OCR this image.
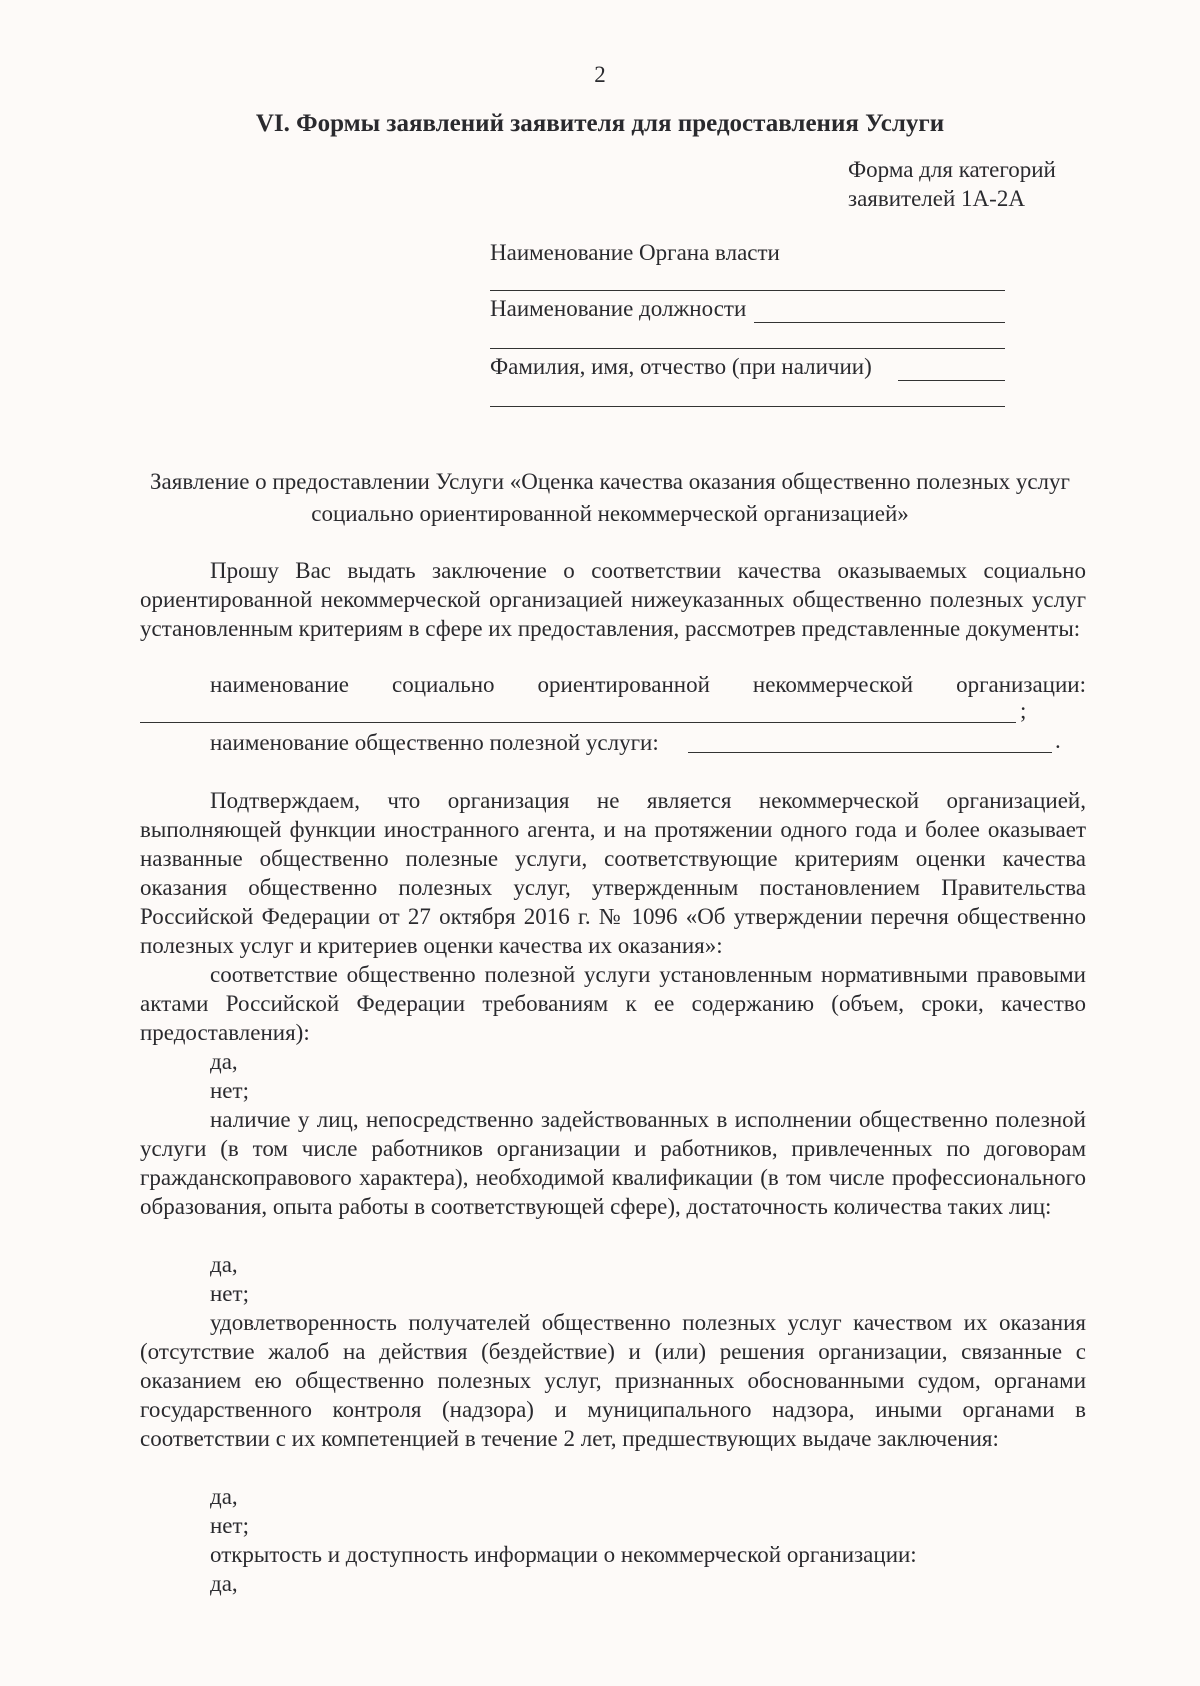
2
VI. Формы заявлений заявителя для предоставления Услуги
Форма для категорий
заявителей 1А-2А
Наименование Органа власти
Наименование должности
Фамилия, имя, отчество (при наличии)
Заявление о предоставлении Услуги «Оценка качества оказания общественно полезных услуг социально ориентированной некоммерческой организацией»
Прошу Вас выдать заключение о соответствии качества оказываемых социально ориентированной некоммерческой организацией нижеуказанных общественно полезных услуг установленным критериям в сфере их предоставления, рассмотрев представленные документы:
наименование социально ориентированной некоммерческой организации:
;
наименование общественно полезной услуги:	.
Подтверждаем, что организация не является некоммерческой организацией, выполняющей функции иностранного агента, и на протяжении одного года и более оказывает названные общественно полезные услуги, соответствующие критериям оценки качества оказания общественно полезных услуг, утвержденным постановлением Правительства Российской Федерации от 27 октября 2016 г. № 1096 «Об утверждении перечня общественно полезных услуг и критериев оценки качества их оказания»:
соответствие общественно полезной услуги установленным нормативными правовыми актами Российской Федерации требованиям к ее содержанию (объем, сроки, качество предоставления):
да,
нет;
наличие у лиц, непосредственно задействованных в исполнении общественно полезной услуги (в том числе работников организации и работников, привлеченных по договорам гражданскоправового характера), необходимой квалификации (в том числе профессионального образования, опыта работы в соответствующей сфере), достаточность количества таких лиц:
да,
нет;
удовлетворенность получателей общественно полезных услуг качеством их оказания (отсутствие жалоб на действия (бездействие) и (или) решения организации, связанные с оказанием ею общественно полезных услуг, признанных обоснованными судом, органами государственного контроля (надзора) и муниципального надзора, иными органами в соответствии с их компетенцией в течение 2 лет, предшествующих выдаче заключения:
да,
нет;
открытость и доступность информации о некоммерческой организации:
да,
